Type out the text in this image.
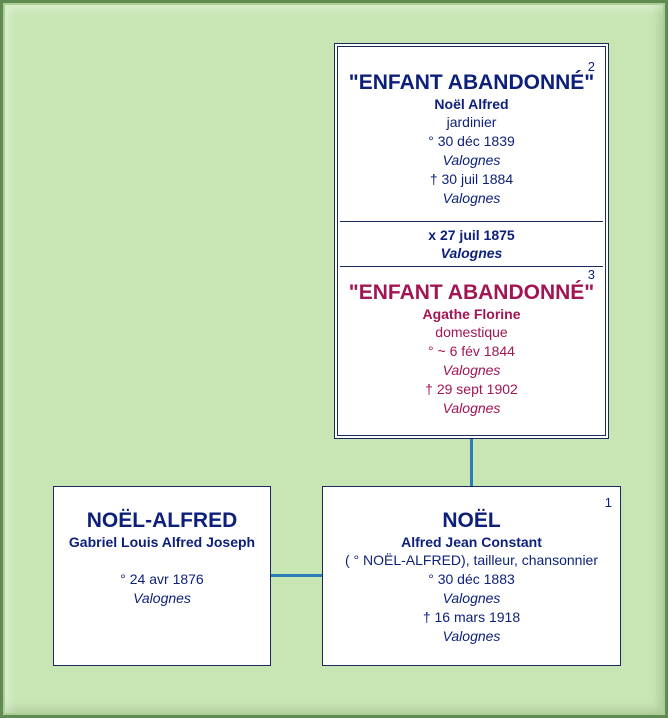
2
"ENFANT ABANDONNÉ"
Noël Alfred
jardinier
° 30 déc 1839
Valognes
† 30 juil 1884
Valognes
x 27 juil 1875
Valognes
3
"ENFANT ABANDONNÉ"
Agathe Florine
domestique
° ~ 6 fév 1844
Valognes
† 29 sept 1902
Valognes
1
NOËL
Alfred Jean Constant
( ° NOËL-ALFRED), tailleur, chansonnier
° 30 déc 1883
Valognes
† 16 mars 1918
Valognes
NOËL-ALFRED
Gabriel Louis Alfred Joseph
° 24 avr 1876
Valognes
